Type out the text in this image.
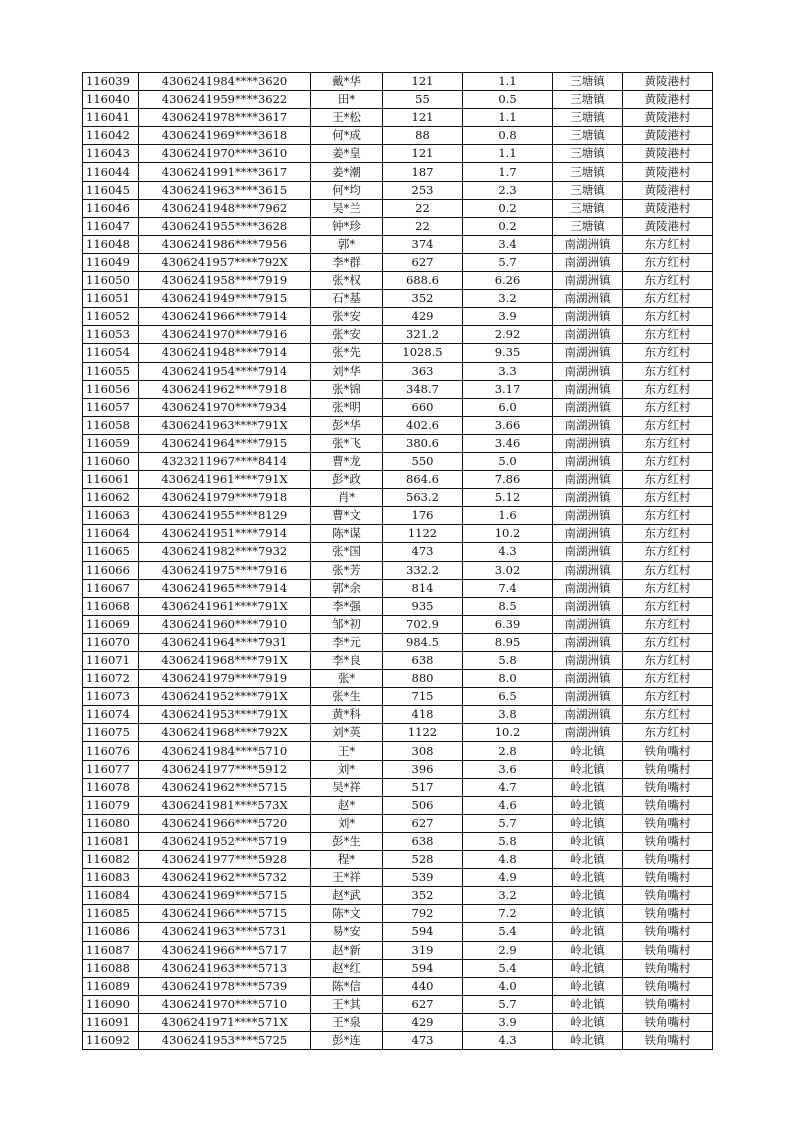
116039	4306241984****3620	戴*华	121	1.1	三塘镇	黄陵港村
116040	4306241959****3622	田*	55	0.5	三塘镇	黄陵港村
116041	4306241978****3617	王*松	121	1.1	三塘镇	黄陵港村
116042	4306241969****3618	何*成	88	0.8	三塘镇	黄陵港村
116043	4306241970****3610	姜*皇	121	1.1	三塘镇	黄陵港村
116044	4306241991****3617	姜*潮	187	1.7	三塘镇	黄陵港村
116045	4306241963****3615	何*均	253	2.3	三塘镇	黄陵港村
116046	4306241948****7962	吴*兰	22	0.2	三塘镇	黄陵港村
116047	4306241955****3628	钟*珍	22	0.2	三塘镇	黄陵港村
116048	4306241986****7956	郭*	374	3.4	南湖洲镇	东方红村
116049	4306241957****792X	李*群	627	5.7	南湖洲镇	东方红村
116050	4306241958****7919	张*权	688.6	6.26	南湖洲镇	东方红村
116051	4306241949****7915	石*基	352	3.2	南湖洲镇	东方红村
116052	4306241966****7914	张*安	429	3.9	南湖洲镇	东方红村
116053	4306241970****7916	张*安	321.2	2.92	南湖洲镇	东方红村
116054	4306241948****7914	张*先	1028.5	9.35	南湖洲镇	东方红村
116055	4306241954****7914	刘*华	363	3.3	南湖洲镇	东方红村
116056	4306241962****7918	张*锦	348.7	3.17	南湖洲镇	东方红村
116057	4306241970****7934	张*明	660	6.0	南湖洲镇	东方红村
116058	4306241963****791X	彭*华	402.6	3.66	南湖洲镇	东方红村
116059	4306241964****7915	张*飞	380.6	3.46	南湖洲镇	东方红村
116060	4323211967****8414	曹*龙	550	5.0	南湖洲镇	东方红村
116061	4306241961****791X	彭*政	864.6	7.86	南湖洲镇	东方红村
116062	4306241979****7918	肖*	563.2	5.12	南湖洲镇	东方红村
116063	4306241955****8129	曹*文	176	1.6	南湖洲镇	东方红村
116064	4306241951****7914	陈*谋	1122	10.2	南湖洲镇	东方红村
116065	4306241982****7932	张*国	473	4.3	南湖洲镇	东方红村
116066	4306241975****7916	张*芳	332.2	3.02	南湖洲镇	东方红村
116067	4306241965****7914	郭*余	814	7.4	南湖洲镇	东方红村
116068	4306241961****791X	李*强	935	8.5	南湖洲镇	东方红村
116069	4306241960****7910	邹*初	702.9	6.39	南湖洲镇	东方红村
116070	4306241964****7931	李*元	984.5	8.95	南湖洲镇	东方红村
116071	4306241968****791X	李*良	638	5.8	南湖洲镇	东方红村
116072	4306241979****7919	张*	880	8.0	南湖洲镇	东方红村
116073	4306241952****791X	张*生	715	6.5	南湖洲镇	东方红村
116074	4306241953****791X	黄*科	418	3.8	南湖洲镇	东方红村
116075	4306241968****792X	刘*英	1122	10.2	南湖洲镇	东方红村
116076	4306241984****5710	王*	308	2.8	岭北镇	铁角嘴村
116077	4306241977****5912	刘*	396	3.6	岭北镇	铁角嘴村
116078	4306241962****5715	吴*祥	517	4.7	岭北镇	铁角嘴村
116079	4306241981****573X	赵*	506	4.6	岭北镇	铁角嘴村
116080	4306241966****5720	刘*	627	5.7	岭北镇	铁角嘴村
116081	4306241952****5719	彭*生	638	5.8	岭北镇	铁角嘴村
116082	4306241977****5928	程*	528	4.8	岭北镇	铁角嘴村
116083	4306241962****5732	王*祥	539	4.9	岭北镇	铁角嘴村
116084	4306241969****5715	赵*武	352	3.2	岭北镇	铁角嘴村
116085	4306241966****5715	陈*文	792	7.2	岭北镇	铁角嘴村
116086	4306241963****5731	易*安	594	5.4	岭北镇	铁角嘴村
116087	4306241966****5717	赵*新	319	2.9	岭北镇	铁角嘴村
116088	4306241963****5713	赵*红	594	5.4	岭北镇	铁角嘴村
116089	4306241978****5739	陈*信	440	4.0	岭北镇	铁角嘴村
116090	4306241970****5710	王*其	627	5.7	岭北镇	铁角嘴村
116091	4306241971****571X	王*泉	429	3.9	岭北镇	铁角嘴村
116092	4306241953****5725	彭*连	473	4.3	岭北镇	铁角嘴村
